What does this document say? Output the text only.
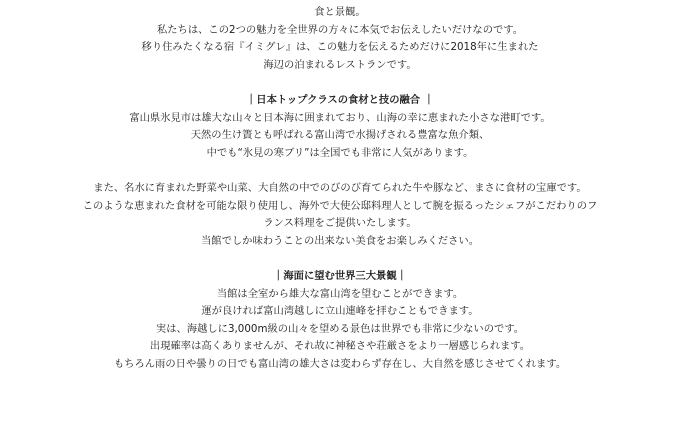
食と景観。
私たちは、この2つの魅力を全世界の方々に本気でお伝えしたいだけなのです。
移り住みたくなる宿『イミグレ』は、この魅力を伝えるためだけに2018年に生まれた
海辺の泊まれるレストランです。
｜日本トップクラスの食材と技の融合 ｜
富山県氷見市は雄大な山々と日本海に囲まれており、山海の幸に恵まれた小さな港町です。
天然の生け簀とも呼ばれる富山湾で水揚げされる豊富な魚介類、
中でも“氷見の寒ブリ”は全国でも非常に人気があります。
また、名水に育まれた野菜や山菜、大自然の中でのびのび育てられた牛や豚など、まさに食材の宝庫です。
このような恵まれた食材を可能な限り使用し、海外で大使公邸料理人として腕を振るったシェフがこだわりのフ
ランス料理をご提供いたします。
当館でしか味わうことの出来ない美食をお楽しみください。
｜海面に望む世界三大景観｜
当館は全室から雄大な富山湾を望むことができます。
運が良ければ富山湾越しに立山連峰を拝むこともできます。
実は、海越しに3,000m級の山々を望める景色は世界でも非常に少ないのです。
出現確率は高くありませんが、それ故に神秘さや荘厳さをより一層感じられます。
もちろん雨の日や曇りの日でも富山湾の雄大さは変わらず存在し、大自然を感じさせてくれます。
